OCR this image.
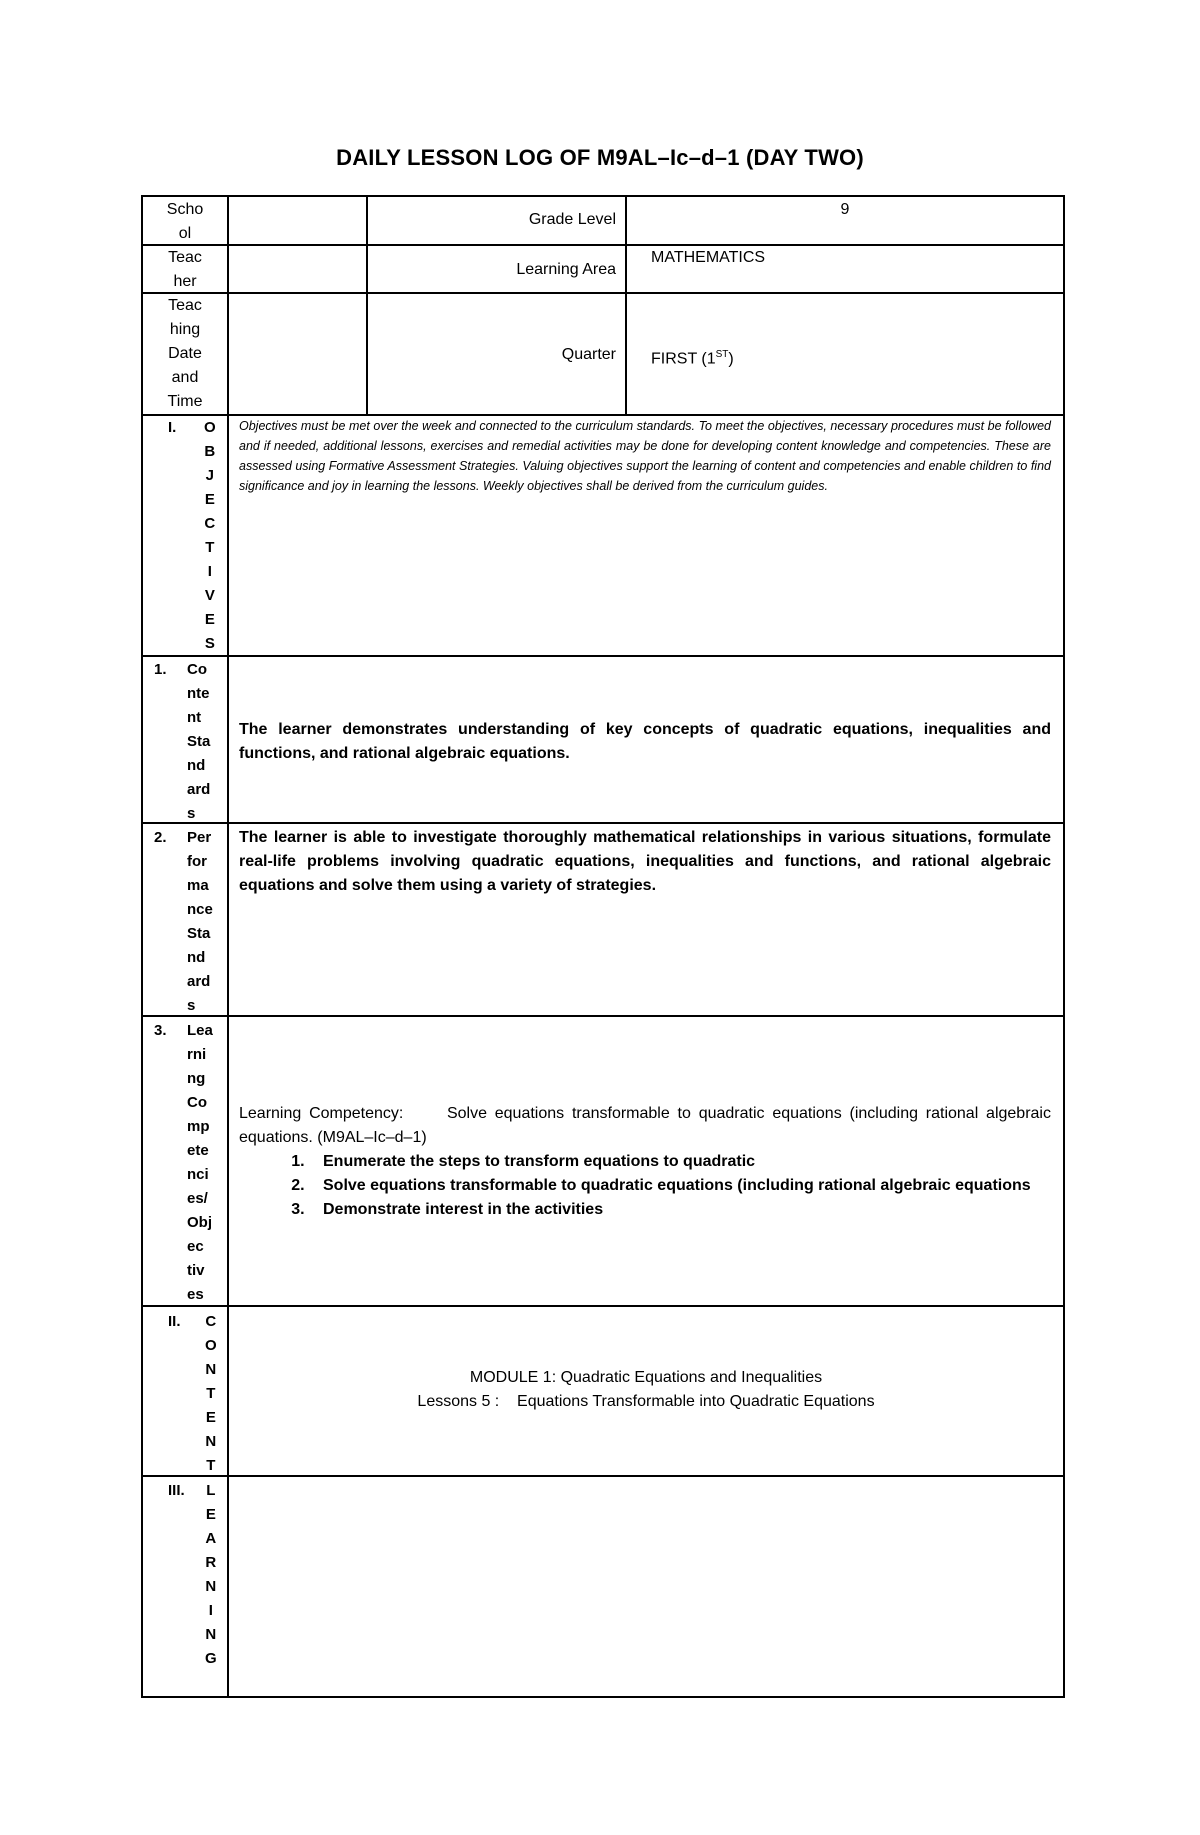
DAILY LESSON LOG OF M9AL–Ic–d–1 (DAY TWO)
Scho
ol
Grade Level
9
Teac
her
Learning Area
MATHEMATICS
Teac
hing
Date
and
Time
Quarter FIRST (1ST)
I. O
B
J
E
C
T
I
V
E
S
Objectives must be met over the week and connected to the curriculum standards. To meet the objectives, necessary procedures must be followed and if needed, additional lessons, exercises and remedial activities may be done for developing content knowledge and competencies. These are assessed using Formative Assessment Strategies. Valuing objectives support the learning of content and competencies and enable children to find significance and joy in learning the lessons. Weekly objectives shall be derived from the curriculum guides.
1. Co
nte
nt
Sta
nd
ard
s
The learner demonstrates understanding of key concepts of quadratic equations, inequalities and functions, and rational algebraic equations.
2. Per
for
ma
nce
Sta
nd
ard
s
The learner is able to investigate thoroughly mathematical relationships in various situations, formulate real-life problems involving quadratic equations, inequalities and functions, and rational algebraic equations and solve them using a variety of strategies.
3. Lea
rni
ng
Co
mp
ete
nci
es/
Obj
ec
tiv
es
Learning Competency:	Solve equations transformable to quadratic equations (including rational algebraic equations. (M9AL–Ic–d–1)
1. Enumerate the steps to transform equations to quadratic
2. Solve equations transformable to quadratic equations (including rational algebraic equations
3. Demonstrate interest in the activities
II. C
O
N
T
E
N
T
MODULE 1: Quadratic Equations and Inequalities
Lessons 5 :    Equations Transformable into Quadratic Equations
III. L
E
A
R
N
I
N
G
